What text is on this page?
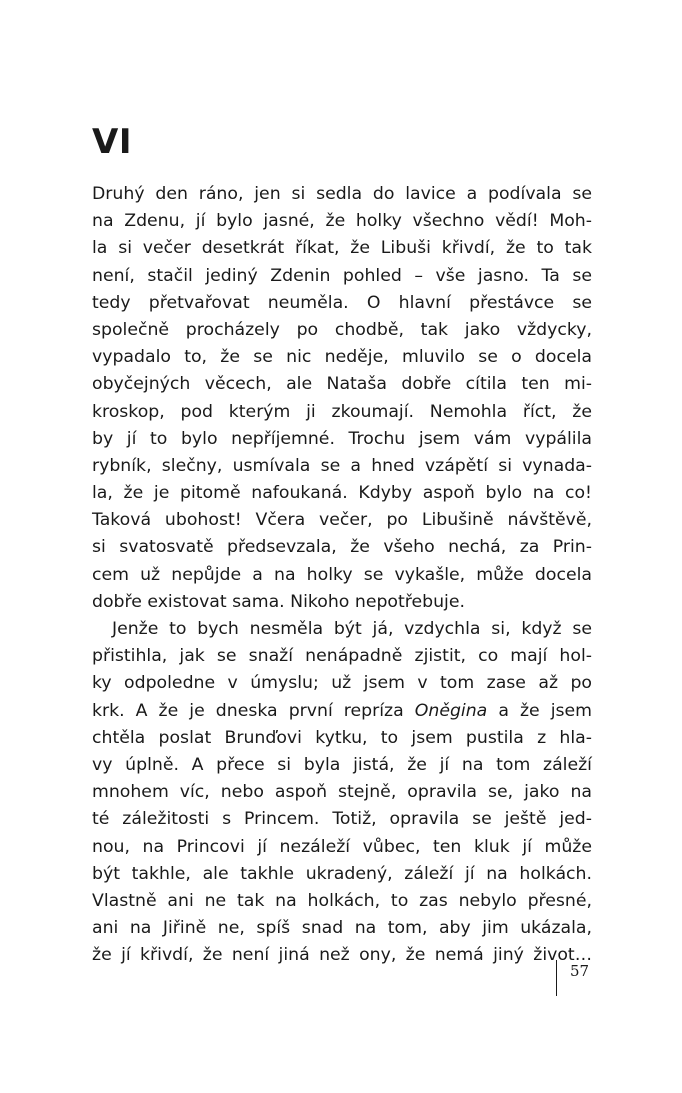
VI
Druhý den ráno, jen si sedla do lavice a podívala se
na Zdenu, jí bylo jasné, že holky všechno vědí! Moh-
la si večer desetkrát říkat, že Libuši křivdí, že to tak
není, stačil jediný Zdenin pohled – vše jasno. Ta se
tedy přetvařovat neuměla. O hlavní přestávce se
společně procházely po chodbě, tak jako vždycky,
vypadalo to, že se nic neděje, mluvilo se o docela
obyčejných věcech, ale Nataša dobře cítila ten mi-
kroskop, pod kterým ji zkoumají. Nemohla říct, že
by jí to bylo nepříjemné. Trochu jsem vám vypálila
rybník, slečny, usmívala se a hned vzápětí si vynada-
la, že je pitomě nafoukaná. Kdyby aspoň bylo na co!
Taková ubohost! Včera večer, po Libušině návštěvě,
si svatosvatě předsevzala, že všeho nechá, za Prin-
cem už nepůjde a na holky se vykašle, může docela
dobře existovat sama. Nikoho nepotřebuje.
Jenže to bych nesměla být já, vzdychla si, když se
přistihla, jak se snaží nenápadně zjistit, co mají hol-
ky odpoledne v úmyslu; už jsem v tom zase až po
krk. A že je dneska první repríza Oněgina a že jsem
chtěla poslat Brunďovi kytku, to jsem pustila z hla-
vy úplně. A přece si byla jistá, že jí na tom záleží
mnohem víc, nebo aspoň stejně, opravila se, jako na
té záležitosti s Princem. Totiž, opravila se ještě jed-
nou, na Princovi jí nezáleží vůbec, ten kluk jí může
být takhle, ale takhle ukradený, záleží jí na holkách.
Vlastně ani ne tak na holkách, to zas nebylo přesné,
ani na Jiřině ne, spíš snad na tom, aby jim ukázala,
že jí křivdí, že není jiná než ony, že nemá jiný život…
57
